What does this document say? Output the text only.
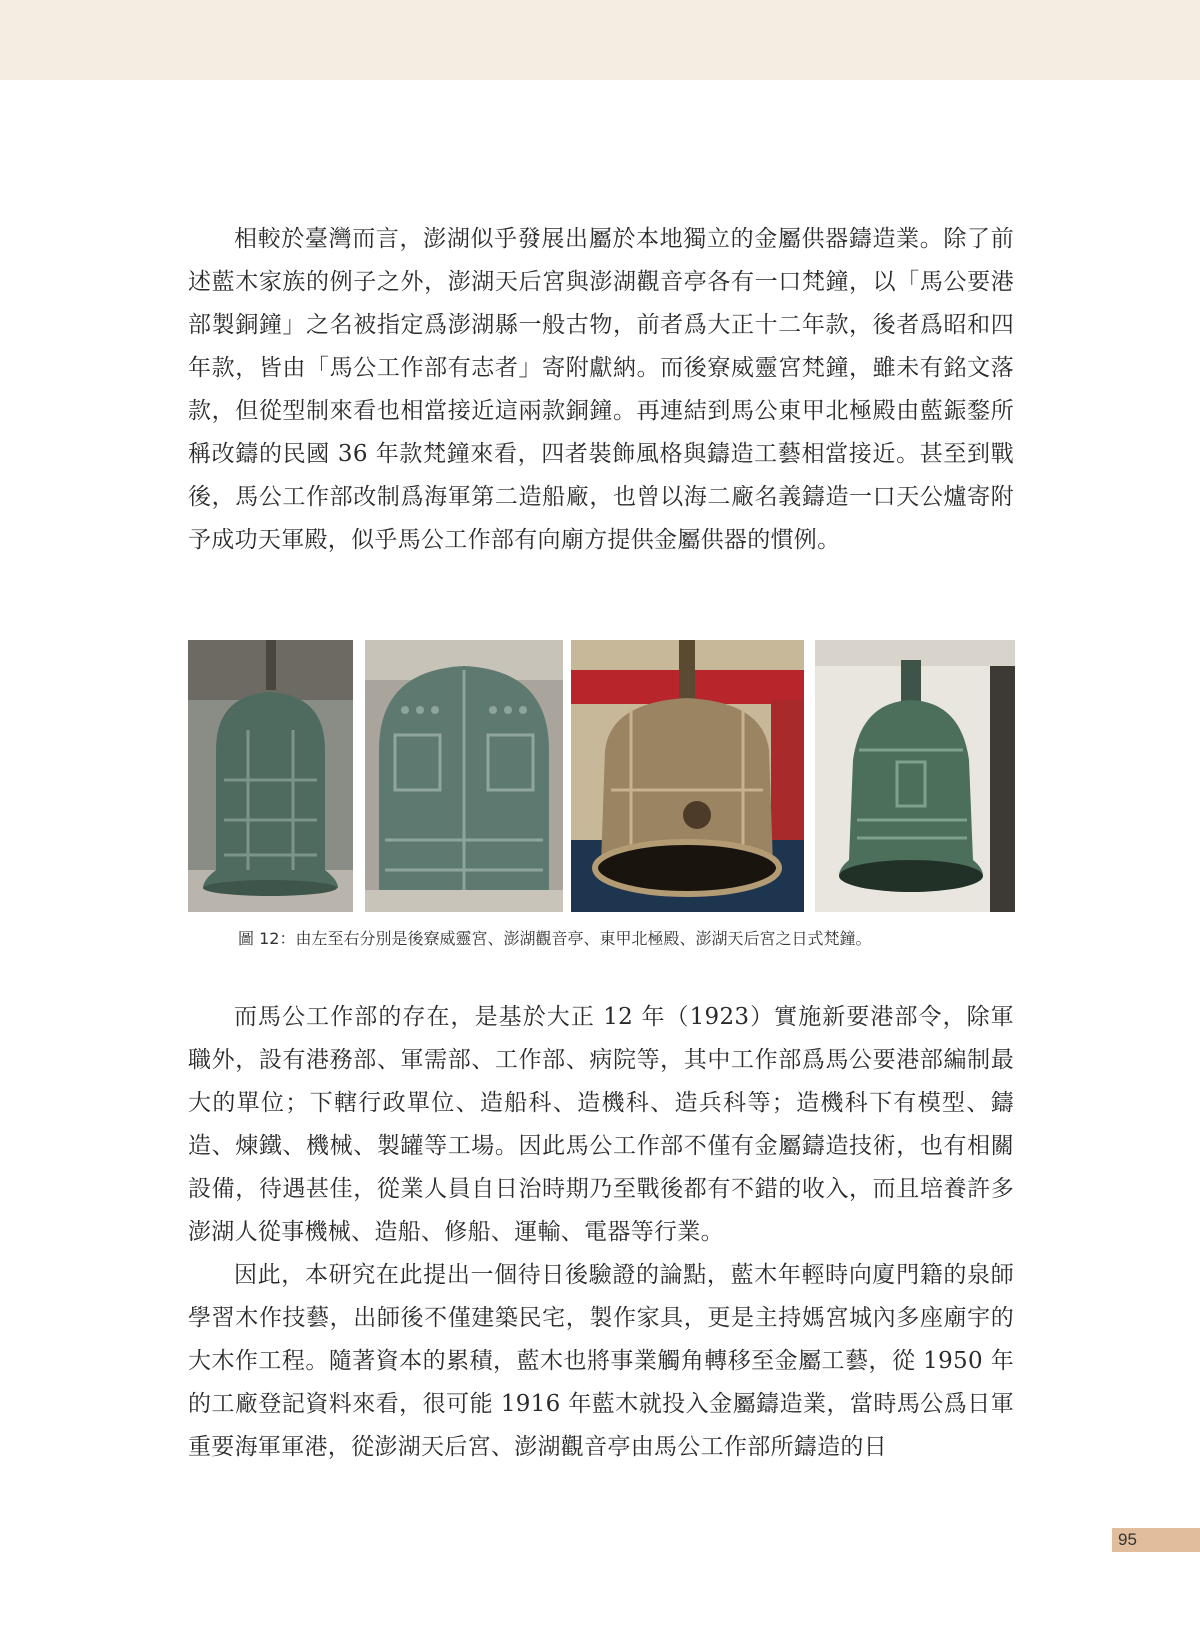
相較於臺灣而言，澎湖似乎發展出屬於本地獨立的金屬供器鑄造業。除了前述藍木家族的例子之外，澎湖天后宮與澎湖觀音亭各有一口梵鐘，以「馬公要港部製銅鐘」之名被指定爲澎湖縣一般古物，前者爲大正十二年款，後者爲昭和四年款，皆由「馬公工作部有志者」寄附獻納。而後寮威靈宮梵鐘，雖未有銘文落款，但從型制來看也相當接近這兩款銅鐘。再連結到馬公東甲北極殿由藍鋠鍪所稱改鑄的民國 36 年款梵鐘來看，四者裝飾風格與鑄造工藝相當接近。甚至到戰後，馬公工作部改制爲海軍第二造船廠，也曾以海二廠名義鑄造一口天公爐寄附予成功天軍殿，似乎馬公工作部有向廟方提供金屬供器的慣例。

圖 12：由左至右分別是後寮威靈宮、澎湖觀音亭、東甲北極殿、澎湖天后宮之日式梵鐘。

而馬公工作部的存在，是基於大正 12 年（1923）實施新要港部令，除軍職外，設有港務部、軍需部、工作部、病院等，其中工作部爲馬公要港部編制最大的單位；下轄行政單位、造船科、造機科、造兵科等；造機科下有模型、鑄造、煉鐵、機械、製罐等工場。因此馬公工作部不僅有金屬鑄造技術，也有相關設備，待遇甚佳，從業人員自日治時期乃至戰後都有不錯的收入，而且培養許多澎湖人從事機械、造船、修船、運輸、電器等行業。

因此，本研究在此提出一個待日後驗證的論點，藍木年輕時向廈門籍的泉師學習木作技藝，出師後不僅建築民宅，製作家具，更是主持媽宮城內多座廟宇的大木作工程。隨著資本的累積，藍木也將事業觸角轉移至金屬工藝，從 1950 年的工廠登記資料來看，很可能 1916 年藍木就投入金屬鑄造業，當時馬公爲日軍重要海軍軍港，從澎湖天后宮、澎湖觀音亭由馬公工作部所鑄造的日

95
